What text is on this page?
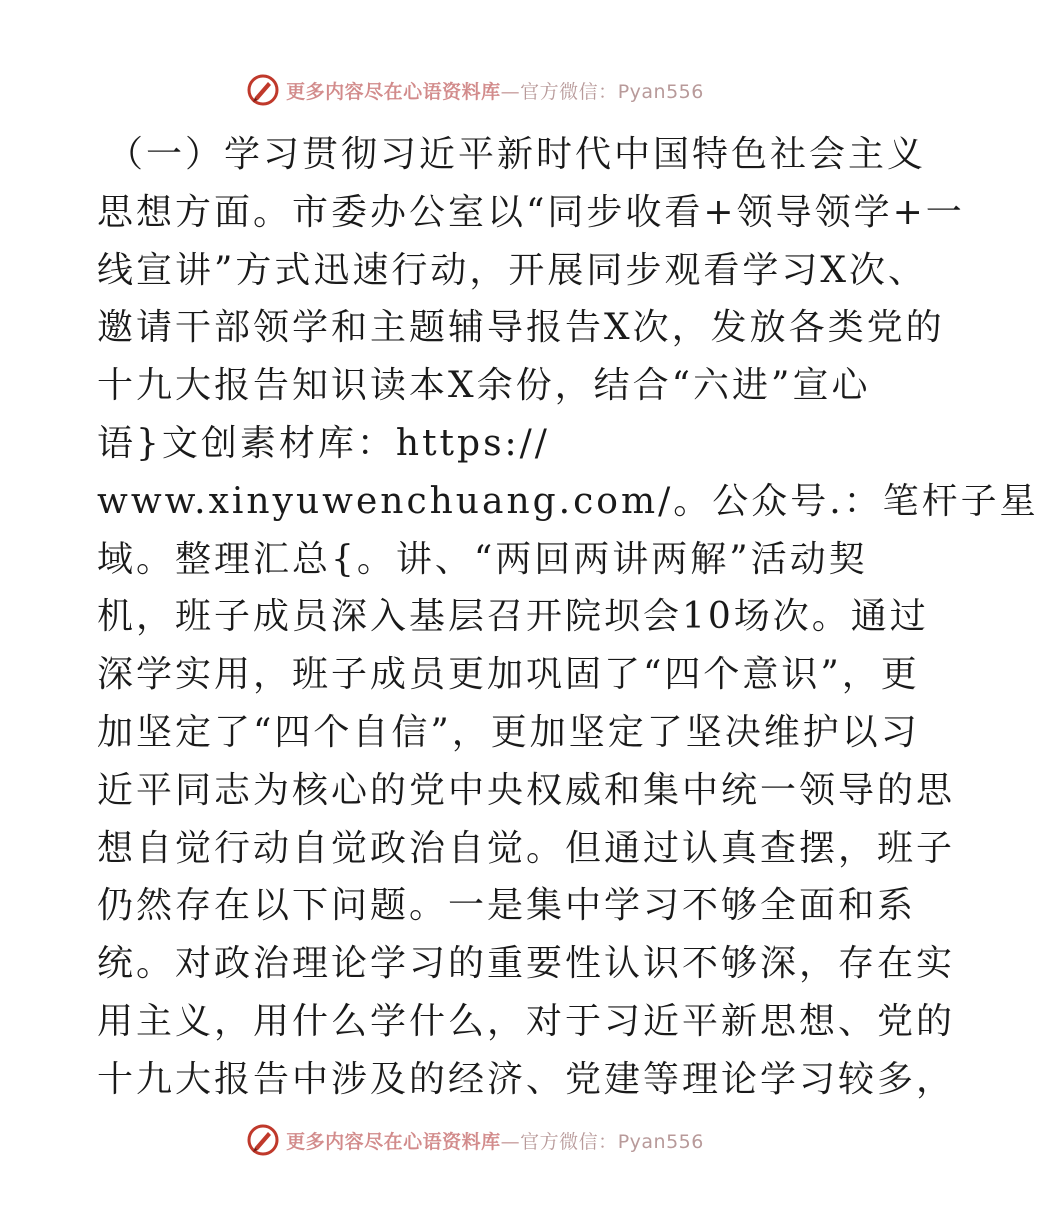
更多内容尽在心语资料库—官方微信：Pyan556
（一）学习贯彻习近平新时代中国特色社会主义
思想方面。市委办公室以“同步收看+领导领学+一
线宣讲”方式迅速行动，开展同步观看学习X次、
邀请干部领学和主题辅导报告X次，发放各类党的
十九大报告知识读本X余份，结合“六进”宣心
语}文创素材库：https://
www.xinyuwenchuang.com/。公众号.：笔杆子星
域。整理汇总{。讲、“两回两讲两解”活动契
机，班子成员深入基层召开院坝会10场次。通过
深学实用，班子成员更加巩固了“四个意识”，更
加坚定了“四个自信”，更加坚定了坚决维护以习
近平同志为核心的党中央权威和集中统一领导的思
想自觉行动自觉政治自觉。但通过认真查摆，班子
仍然存在以下问题。一是集中学习不够全面和系
统。对政治理论学习的重要性认识不够深，存在实
用主义，用什么学什么，对于习近平新思想、党的
十九大报告中涉及的经济、党建等理论学习较多，
更多内容尽在心语资料库—官方微信：Pyan556
